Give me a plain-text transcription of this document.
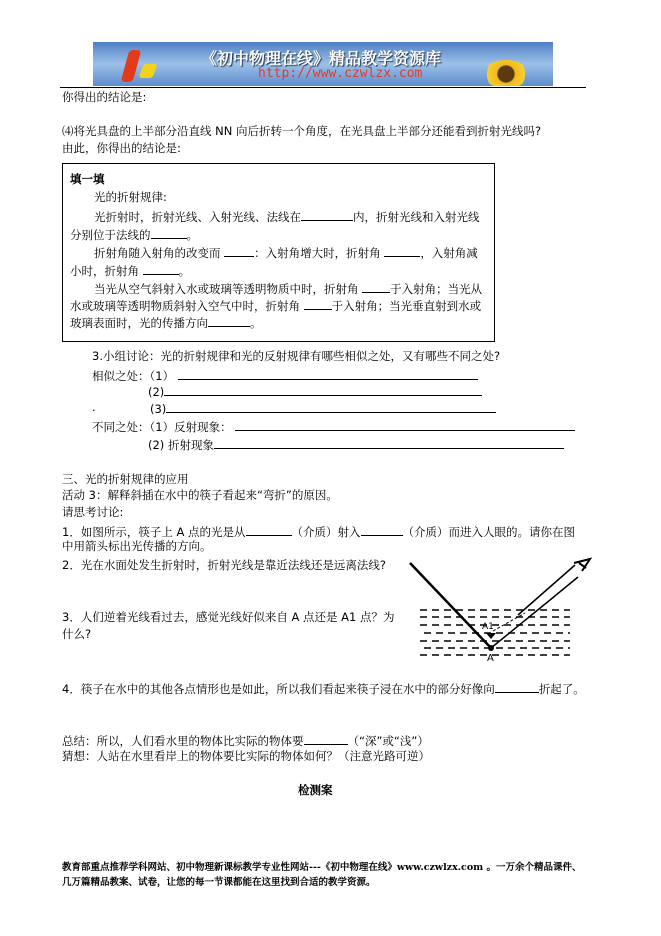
《初中物理在线》精品教学资源库
http://www.czwlzx.com
你得出的结论是:
⑷将光具盘的上半部分沿直线 NN 向后折转一个角度，在光具盘上半部分还能看到折射光线吗?
由此，你得出的结论是:
填一填
光的折射规律:
光折射时，折射光线、入射光线、法线在	内，折射光线和入射光线
分别位于法线的	。
折射角随入射角的改变而	：入射角增大时，折射角	，入射角减
小时，折射角	。
当光从空气斜射入水或玻璃等透明物质中时，折射角	于入射角；当光从
水或玻璃等透明物质斜射入空气中时，折射角	于入射角；当光垂直射到水或
玻璃表面时，光的传播方向	。
3.小组讨论：光的折射规律和光的反射规律有哪些相似之处，又有哪些不同之处?
相似之处：（1）
(2)
.	(3)
不同之处：（1）反射现象：
(2) 折射现象
三、光的折射规律的应用
活动 3：解释斜插在水中的筷子看起来“弯折”的原因。
请思考讨论:
1．如图所示，筷子上 A 点的光是从	（介质）射入	（介质）而进入人眼的。请你在图
中用箭头标出光传播的方向。
2．光在水面处发生折射时，折射光线是靠近法线还是远离法线?
3．人们逆着光线看过去，感觉光线好似来自 A 点还是 A1 点？为
什么?
4．筷子在水中的其他各点情形也是如此，所以我们看起来筷子浸在水中的部分好像向	折起了。
A
A1
总结：所以，人们看水里的物体比实际的物体要	（“深”或“浅”）
猜想：人站在水里看岸上的物体要比实际的物体如何？（注意光路可逆）
检测案
教育部重点推荐学科网站、初中物理新课标教学专业性网站---《初中物理在线》www.czwlzx.com 。一万余个精品课件、
几万篇精品教案、试卷，让您的每一节课都能在这里找到合适的教学资源。
